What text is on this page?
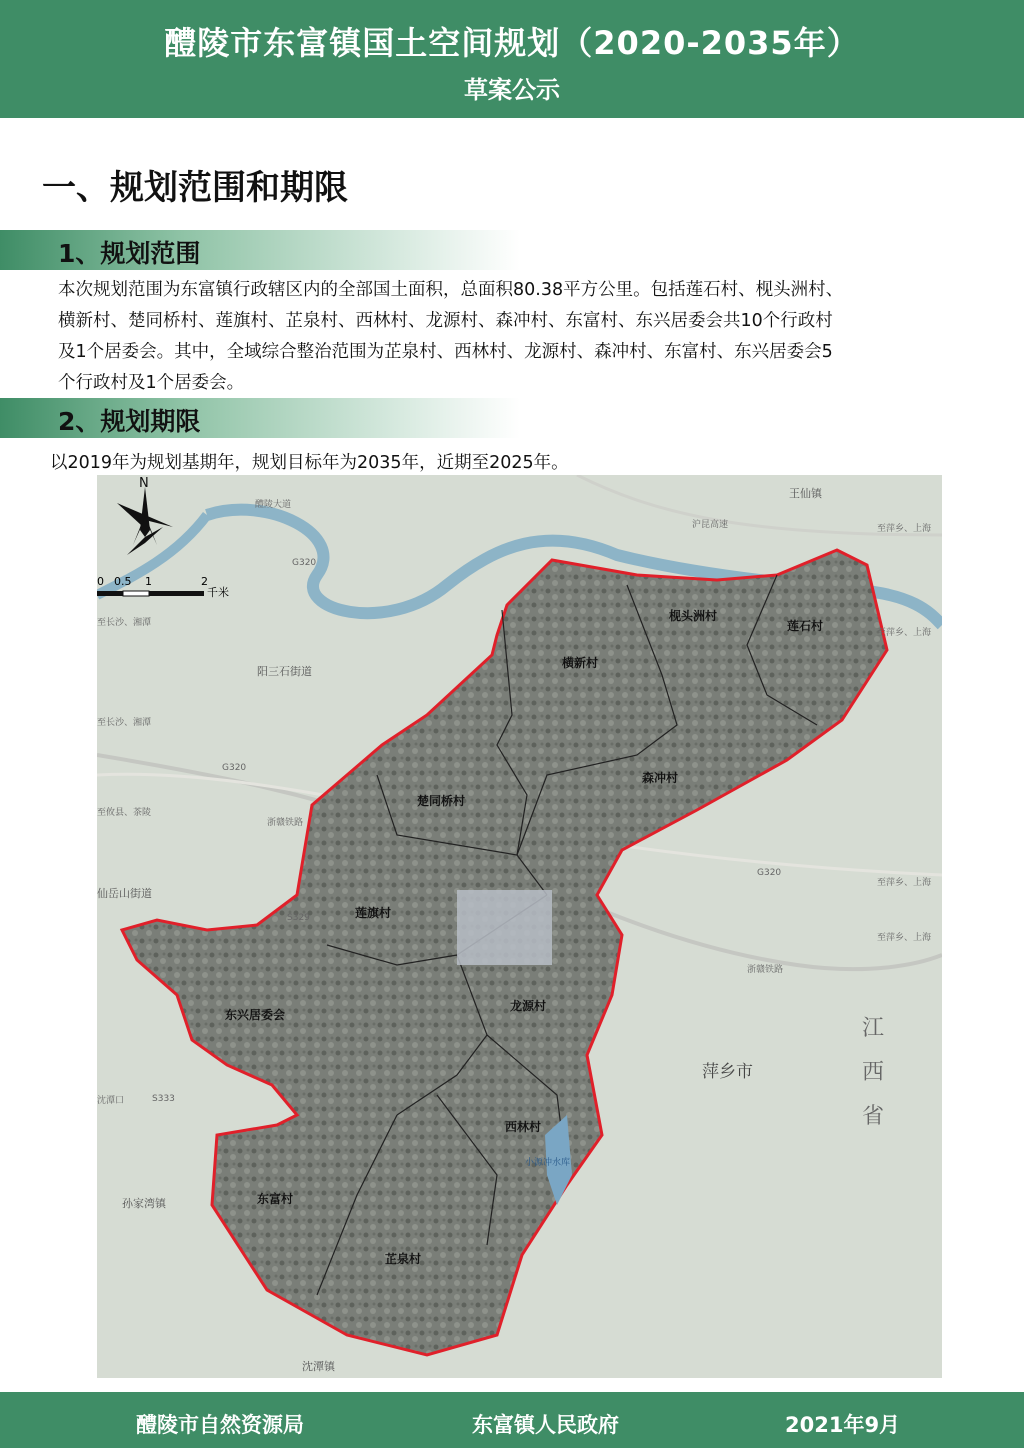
醴陵市东富镇国土空间规划（2020-2035年）
草案公示
一、规划范围和期限
1、规划范围
本次规划范围为东富镇行政辖区内的全部国土面积，总面积80.38平方公里。包括莲石村、枧头洲村、
横新村、楚同桥村、莲旗村、芷泉村、西林村、龙源村、森冲村、东富村、东兴居委会共10个行政村
及1个居委会。其中，全域综合整治范围为芷泉村、西林村、龙源村、森冲村、东富村、东兴居委会5
个行政村及1个居委会。
2、规划期限
以2019年为规划基期年，规划目标年为2035年，近期至2025年。
N
0 0.5 1	2
千米
莲石村
枧头洲村
横新村
森冲村
楚同桥村
莲旗村
东兴居委会
龙源村
西林村
东富村
芷泉村
王仙镇
阳三石街道
仙岳山街道
孙家湾镇
沈潭镇
萍乡市
江
西
省
G320
G320
G320
S329
S333
浙赣铁路
浙赣铁路
沪昆高速	至萍乡、上海
至萍乡、上海
至萍乡、上海
至萍乡、上海
至长沙、湘潭
至长沙、湘潭
至攸县、茶陵
醴陵大道
小源冲水库
沈潭口
醴陵市自然资源局	东富镇人民政府	2021年9月
